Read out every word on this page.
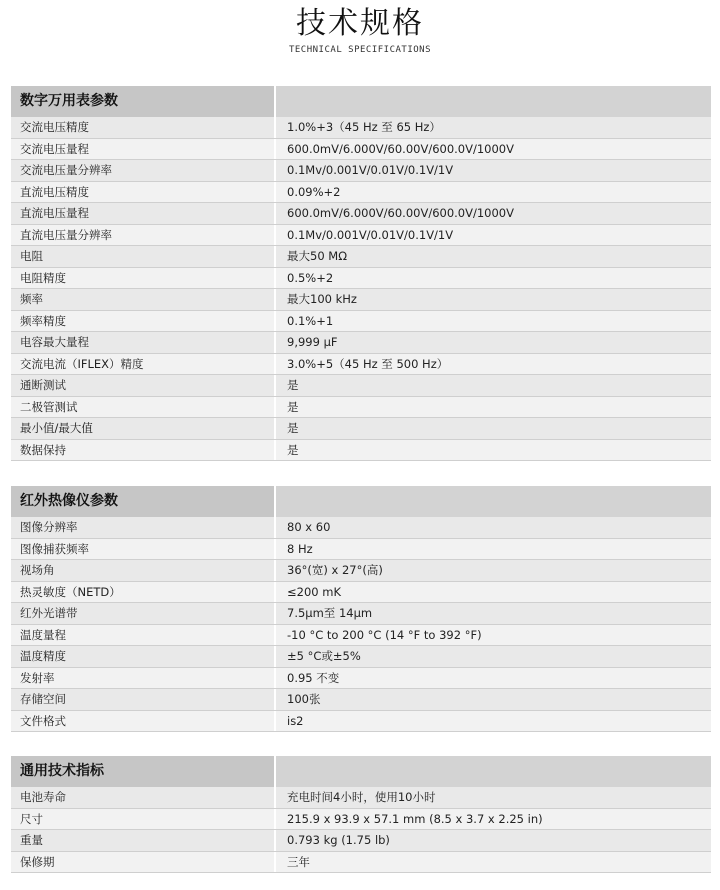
技术规格
TECHNICAL SPECIFICATIONS
数字万用表参数
交流电压精度	1.0%+3（45 Hz 至 65 Hz）
交流电压量程	600.0mV/6.000V/60.00V/600.0V/1000V
交流电压量分辨率	0.1Mv/0.001V/0.01V/0.1V/1V
直流电压精度	0.09%+2
直流电压量程	600.0mV/6.000V/60.00V/600.0V/1000V
直流电压量分辨率	0.1Mv/0.001V/0.01V/0.1V/1V
电阻	最大50 MΩ
电阻精度	0.5%+2
频率	最大100 kHz
频率精度	0.1%+1
电容最大量程	9,999 μF
交流电流（IFLEX）精度	3.0%+5（45 Hz 至 500 Hz）
通断测试	是
二极管测试	是
最小值/最大值	是
数据保持	是
红外热像仪参数
图像分辨率	80 x 60
图像捕获频率	8 Hz
视场角	36°(宽) x 27°(高)
热灵敏度（NETD）	≤200 mK
红外光谱带	7.5μm至 14μm
温度量程	-10 °C to 200 °C (14 °F to 392 °F)
温度精度	±5 °C或±5%
发射率	0.95 不变
存储空间	100张
文件格式	is2
通用技术指标
电池寿命	充电时间4小时，使用10小时
尺寸	215.9 x 93.9 x 57.1 mm (8.5 x 3.7 x 2.25 in)
重量	0.793 kg (1.75 lb)
保修期	三年
